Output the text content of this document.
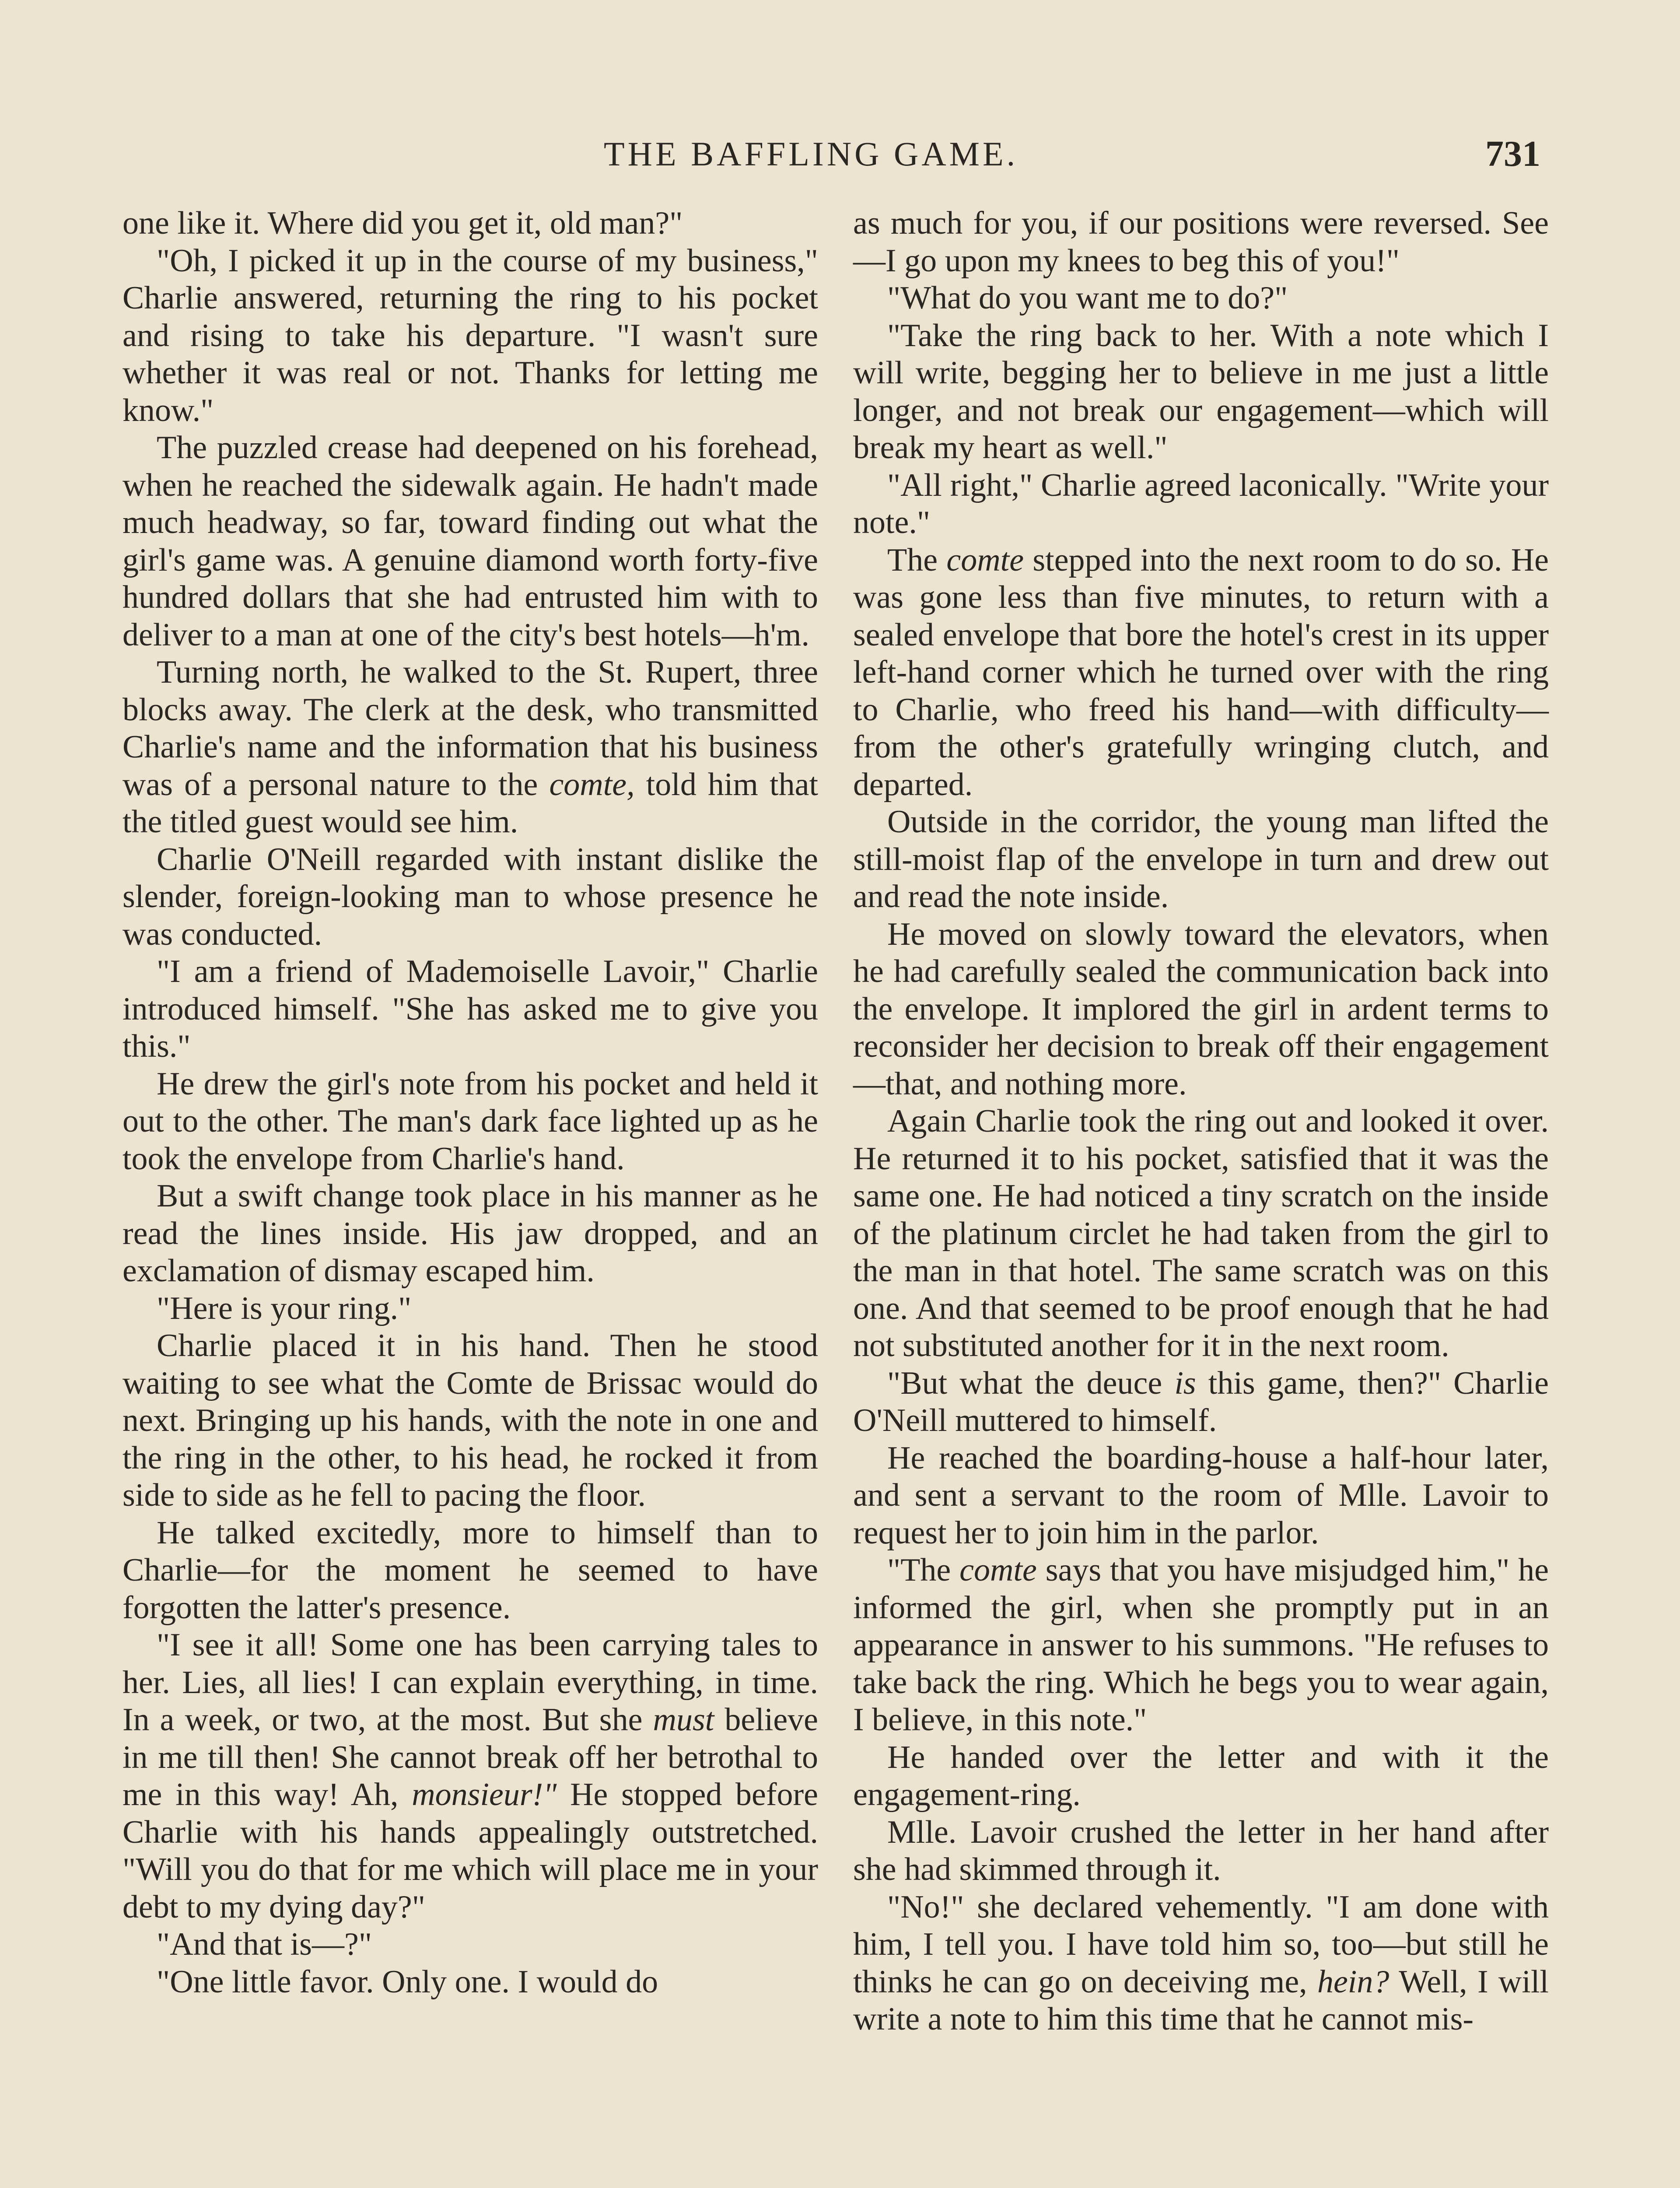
THE BAFFLING GAME.	731

one like it. Where did you get it, old man?"

"Oh, I picked it up in the course of my business," Charlie answered, returning the ring to his pocket and rising to take his departure. "I wasn't sure whether it was real or not. Thanks for letting me know."

The puzzled crease had deepened on his forehead, when he reached the sidewalk again. He hadn't made much headway, so far, toward finding out what the girl's game was. A genuine diamond worth forty-five hundred dollars that she had entrusted him with to deliver to a man at one of the city's best hotels—h'm.

Turning north, he walked to the St. Rupert, three blocks away. The clerk at the desk, who transmitted Charlie's name and the information that his business was of a personal nature to the comte, told him that the titled guest would see him.

Charlie O'Neill regarded with instant dislike the slender, foreign-looking man to whose presence he was conducted.

"I am a friend of Mademoiselle Lavoir," Charlie introduced himself. "She has asked me to give you this."

He drew the girl's note from his pocket and held it out to the other. The man's dark face lighted up as he took the envelope from Charlie's hand.

But a swift change took place in his manner as he read the lines inside. His jaw dropped, and an exclamation of dismay escaped him.

"Here is your ring."

Charlie placed it in his hand. Then he stood waiting to see what the Comte de Brissac would do next. Bringing up his hands, with the note in one and the ring in the other, to his head, he rocked it from side to side as he fell to pacing the floor.

He talked excitedly, more to himself than to Charlie—for the moment he seemed to have forgotten the latter's presence.

"I see it all! Some one has been carrying tales to her. Lies, all lies! I can explain everything, in time. In a week, or two, at the most. But she must believe in me till then! She cannot break off her betrothal to me in this way! Ah, monsieur!" He stopped before Charlie with his hands appealingly outstretched. "Will you do that for me which will place me in your debt to my dying day?"

"And that is—?"

"One little favor. Only one. I would do

as much for you, if our positions were reversed. See—I go upon my knees to beg this of you!"

"What do you want me to do?"

"Take the ring back to her. With a note which I will write, begging her to believe in me just a little longer, and not break our engagement—which will break my heart as well."

"All right," Charlie agreed laconically. "Write your note."

The comte stepped into the next room to do so. He was gone less than five minutes, to return with a sealed envelope that bore the hotel's crest in its upper left-hand corner which he turned over with the ring to Charlie, who freed his hand—with difficulty—from the other's gratefully wringing clutch, and departed.

Outside in the corridor, the young man lifted the still-moist flap of the envelope in turn and drew out and read the note inside.

He moved on slowly toward the elevators, when he had carefully sealed the communication back into the envelope. It implored the girl in ardent terms to reconsider her decision to break off their engagement —that, and nothing more.

Again Charlie took the ring out and looked it over. He returned it to his pocket, satisfied that it was the same one. He had noticed a tiny scratch on the inside of the platinum circlet he had taken from the girl to the man in that hotel. The same scratch was on this one. And that seemed to be proof enough that he had not substituted another for it in the next room.

"But what the deuce is this game, then?" Charlie O'Neill muttered to himself.

He reached the boarding-house a half-hour later, and sent a servant to the room of Mlle. Lavoir to request her to join him in the parlor.

"The comte says that you have misjudged him," he informed the girl, when she promptly put in an appearance in answer to his summons. "He refuses to take back the ring. Which he begs you to wear again, I believe, in this note."

He handed over the letter and with it the engagement-ring.

Mlle. Lavoir crushed the letter in her hand after she had skimmed through it.

"No!" she declared vehemently. "I am done with him, I tell you. I have told him so, too—but still he thinks he can go on deceiving me, hein? Well, I will write a note to him this time that he cannot mis-
